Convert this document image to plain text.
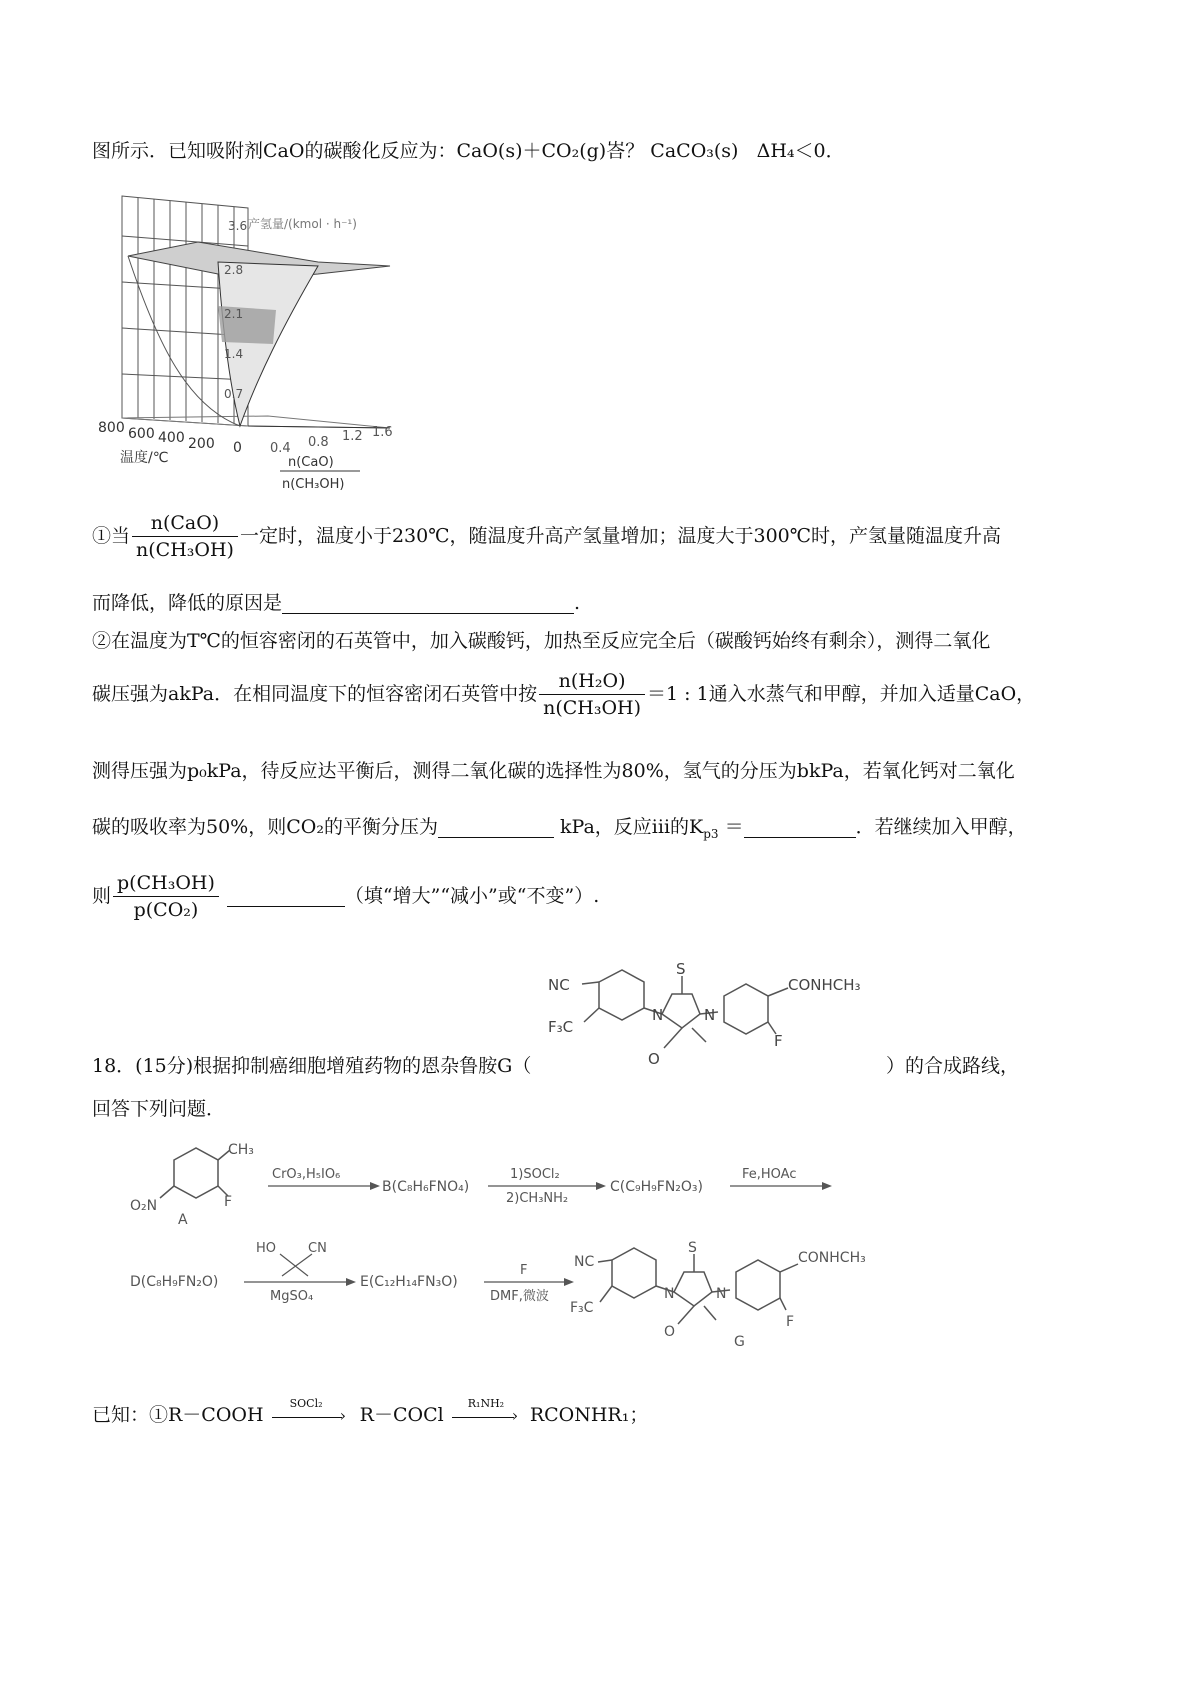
图所示．已知吸附剂CaO的碳酸化反应为：CaO(s)＋CO₂(g)峇？ CaCO₃(s) ΔH₄＜0．
产氢量/(kmol · h⁻¹)
3.6
2.8
2.1
1.4
0.7
800 600 400 200 0 0.4 0.8 1.2 1.6
温度/℃	n(CaO)
n(CH₃OH)
①当 $\frac{\text{n(CaO)}}{\text{n(CH₃OH)}}$ 一定时，温度小于230℃，随温度升高产氢量增加；温度大于300℃时，产氢量随温度升高
而降低，降低的原因是	.
②在温度为T℃的恒容密闭的石英管中，加入碳酸钙，加热至反应完全后（碳酸钙始终有剩余），测得二氧化
碳压强为akPa．在相同温度下的恒容密闭石英管中按 $\frac{\text{n(H₂O)}}{\text{n(CH₃OH)}} =1$ : 1通入水蒸气和甲醇，并加入适量CaO，
测得压强为p₀kPa，待反应达平衡后，测得二氧化碳的选择性为80%，氢气的分压为bkPa，若氧化钙对二氧化
碳的吸收率为50%，则CO₂的平衡分压为	kPa，反应iii的$K_{p3}$ ＝	．若继续加入甲醇，
则 $\frac{\text{p(CH₃OH)}}{\text{p(CO₂)}}$	（填“增大”“减小”或“不变”）.
18．(15分)根据抑制癌细胞增殖药物的恩杂鲁胺G（	）的合成路线，
回答下列问题．
NC
F₃C
S
N	N
O
CONHCH₃
F
CH₃
O₂N	F
A
CrO₃,H₅IO₆
B(C₈H₆FNO₄)
1)SOCl₂
2)CH₃NH₂
C(C₉H₉FN₂O₃)
Fe,HOAc
D(C₈H₉FN₂O)
HO CN
MgSO₄
E(C₁₂H₁₄FN₃O)
F
DMF,微波
NC
F₃C
S
N	N
O
CONHCH₃
F
G
已知：①R－COOH
SOCl₂
› R－COCl
R₁NH₂
› RCONHR₁；
